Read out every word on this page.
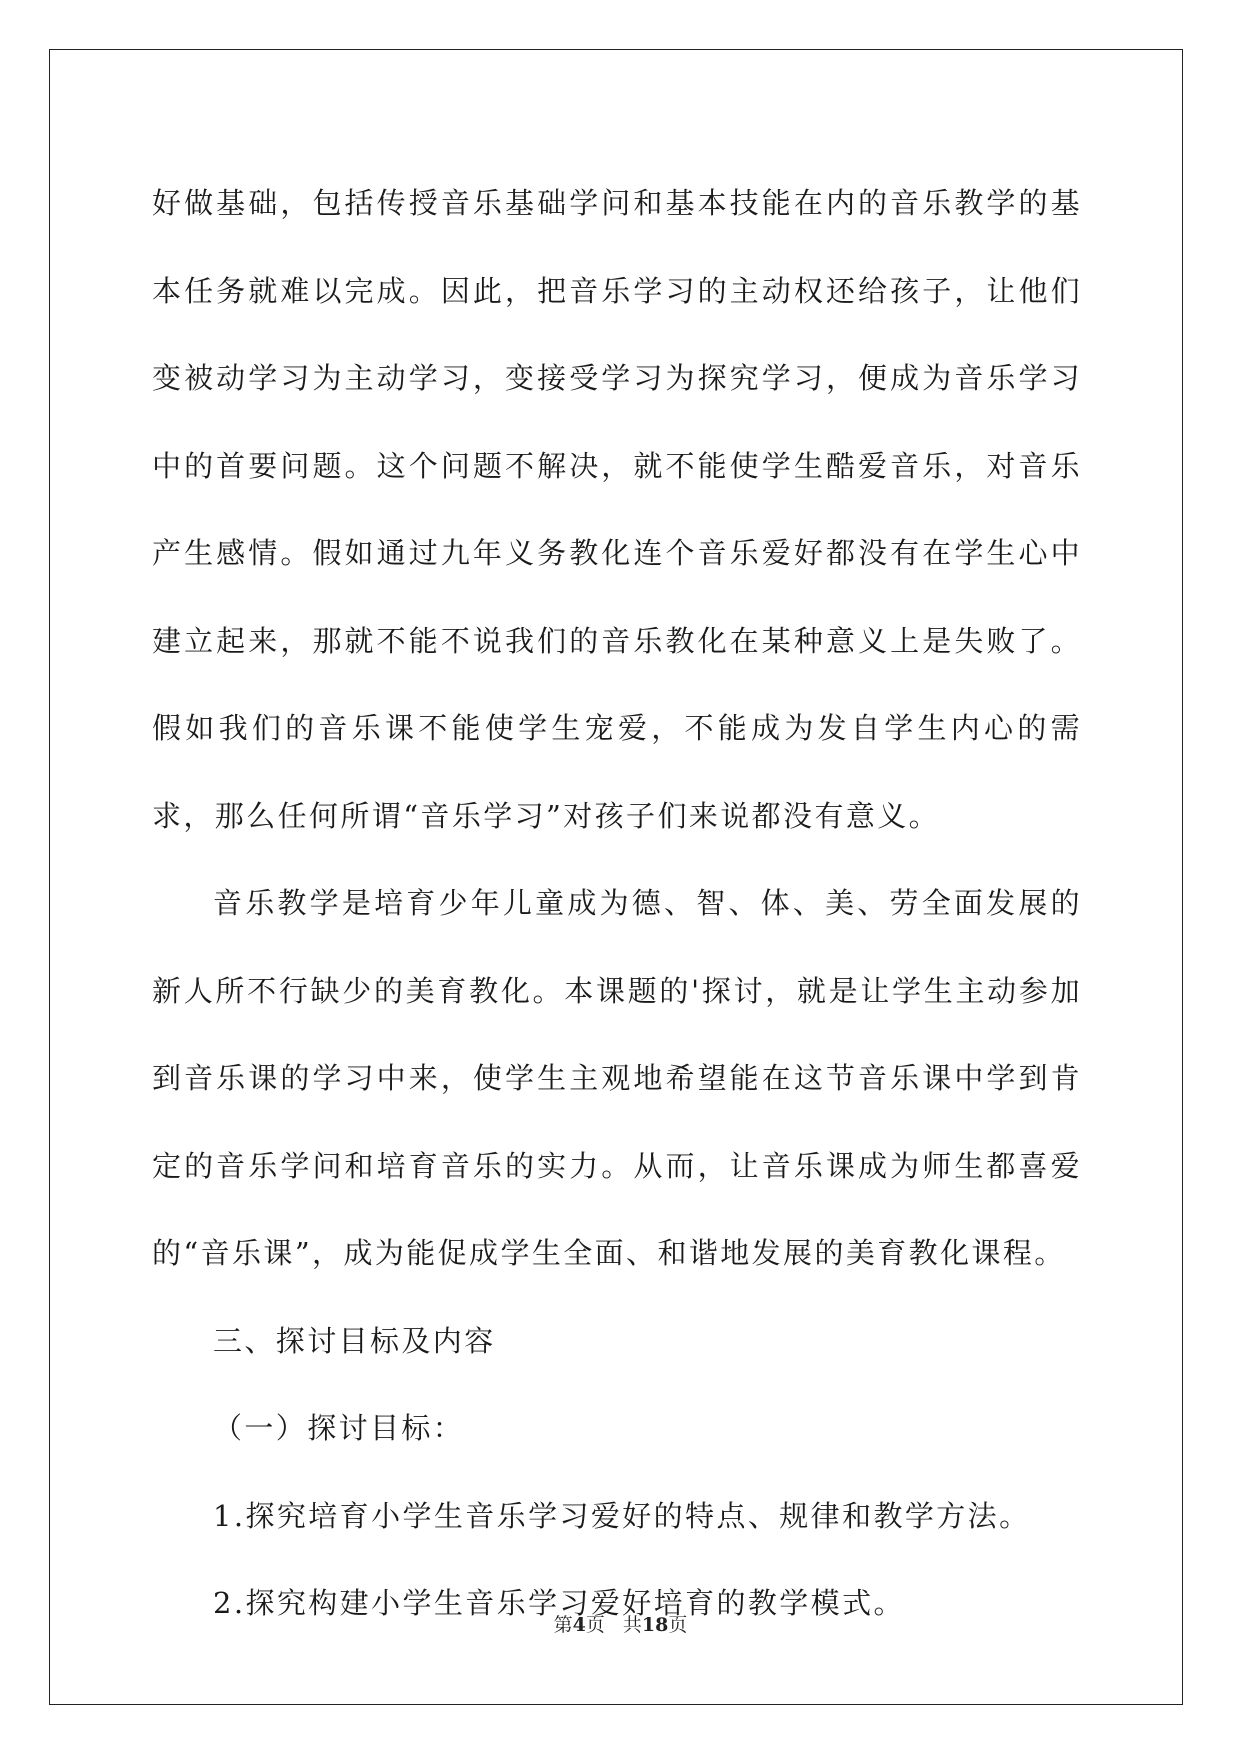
好做基础，包括传授音乐基础学问和基本技能在内的音乐教学的基本任务就难以完成。因此，把音乐学习的主动权还给孩子，让他们变被动学习为主动学习，变接受学习为探究学习，便成为音乐学习中的首要问题。这个问题不解决，就不能使学生酷爱音乐，对音乐产生感情。假如通过九年义务教化连个音乐爱好都没有在学生心中建立起来，那就不能不说我们的音乐教化在某种意义上是失败了。假如我们的音乐课不能使学生宠爱，不能成为发自学生内心的需求，那么任何所谓“音乐学习”对孩子们来说都没有意义。

音乐教学是培育少年儿童成为德、智、体、美、劳全面发展的新人所不行缺少的美育教化。本课题的'探讨，就是让学生主动参加到音乐课的学习中来，使学生主观地希望能在这节音乐课中学到肯定的音乐学问和培育音乐的实力。从而，让音乐课成为师生都喜爱的“音乐课”，成为能促成学生全面、和谐地发展的美育教化课程。

三、探讨目标及内容

（一）探讨目标：

1.探究培育小学生音乐学习爱好的特点、规律和教学方法。

2.探究构建小学生音乐学习爱好培育的教学模式。

第4页 共18页
